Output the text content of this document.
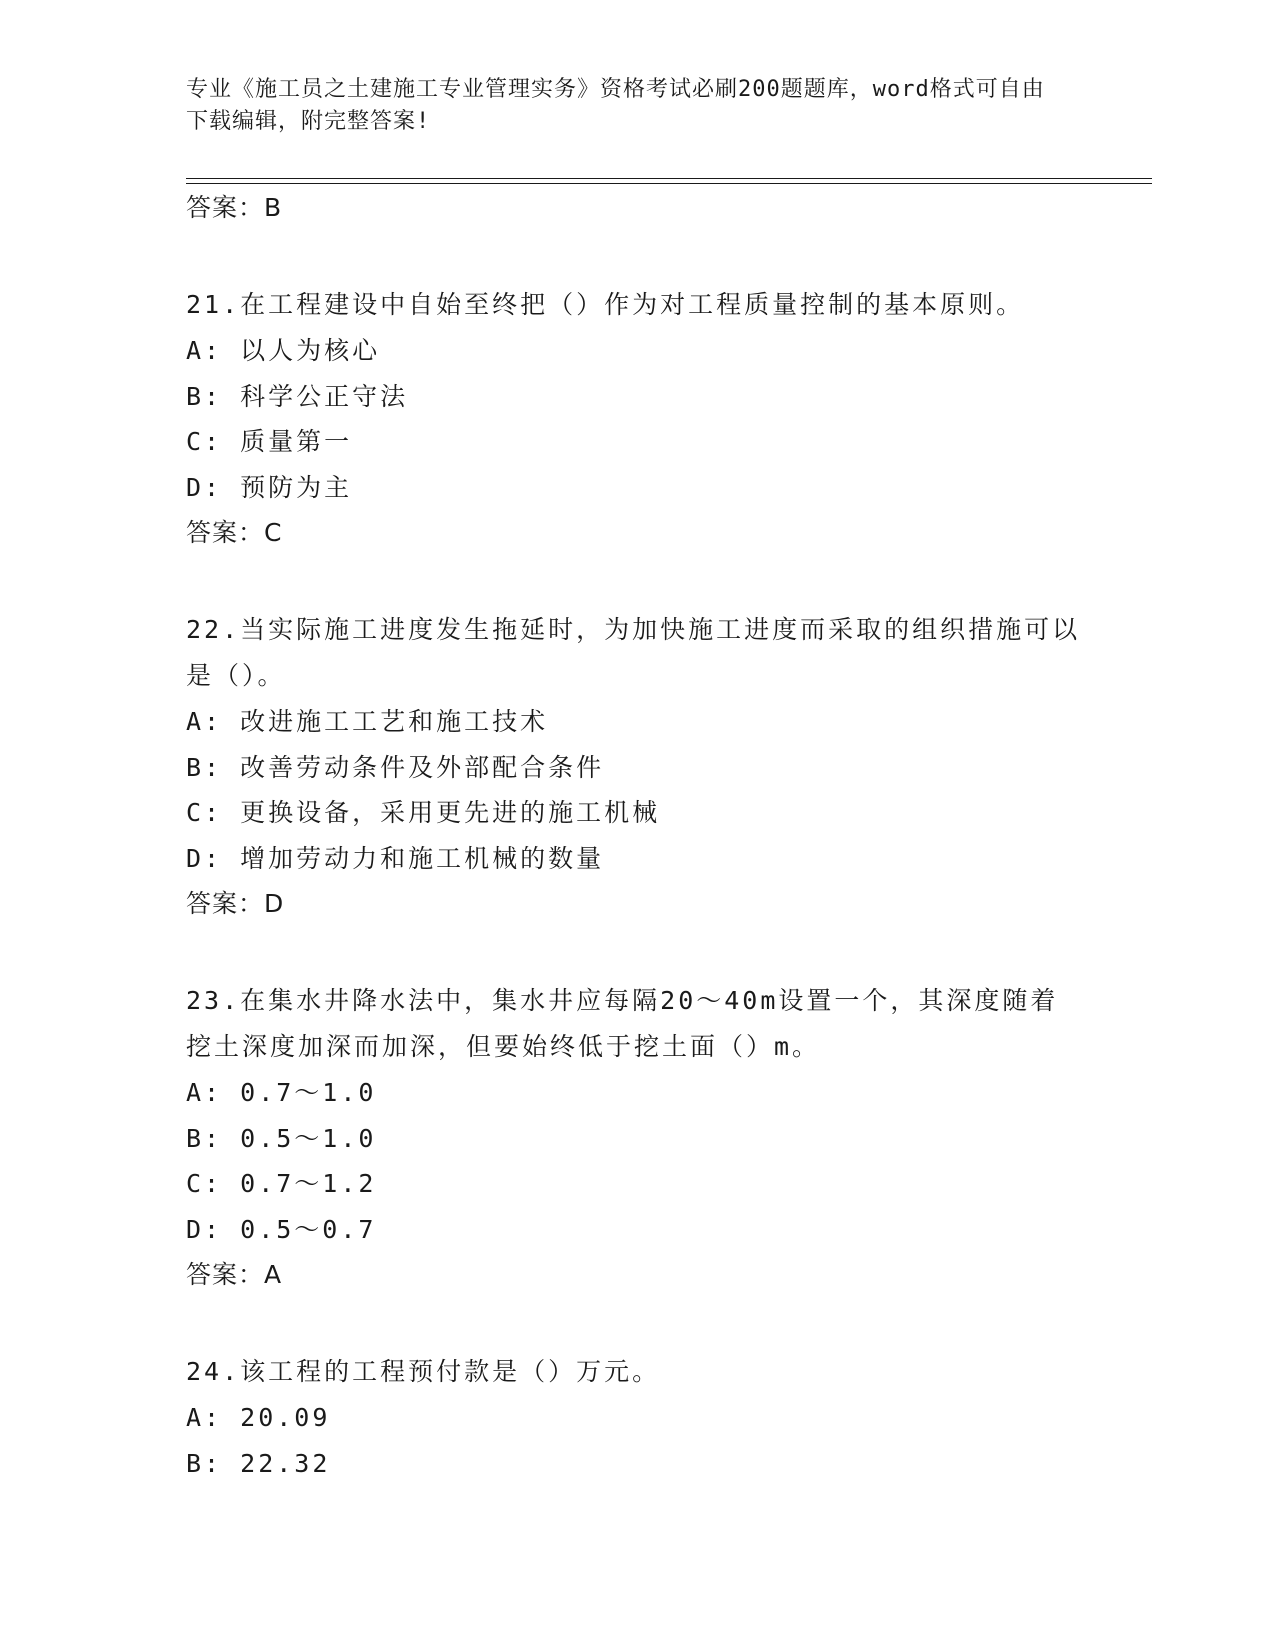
专业《施工员之土建施工专业管理实务》资格考试必刷200题题库，word格式可自由下载编辑，附完整答案!
答案：B
21.在工程建设中自始至终把（）作为对工程质量控制的基本原则。
A: 以人为核心
B: 科学公正守法
C: 质量第一
D: 预防为主
答案：C
22.当实际施工进度发生拖延时，为加快施工进度而采取的组织措施可以是（）。
A: 改进施工工艺和施工技术
B: 改善劳动条件及外部配合条件
C: 更换设备，采用更先进的施工机械
D: 增加劳动力和施工机械的数量
答案：D
23.在集水井降水法中，集水井应每隔20～40m设置一个，其深度随着挖土深度加深而加深，但要始终低于挖土面（）m。
A: 0.7～1.0
B: 0.5～1.0
C: 0.7～1.2
D: 0.5～0.7
答案：A
24.该工程的工程预付款是（）万元。
A: 20.09
B: 22.32
